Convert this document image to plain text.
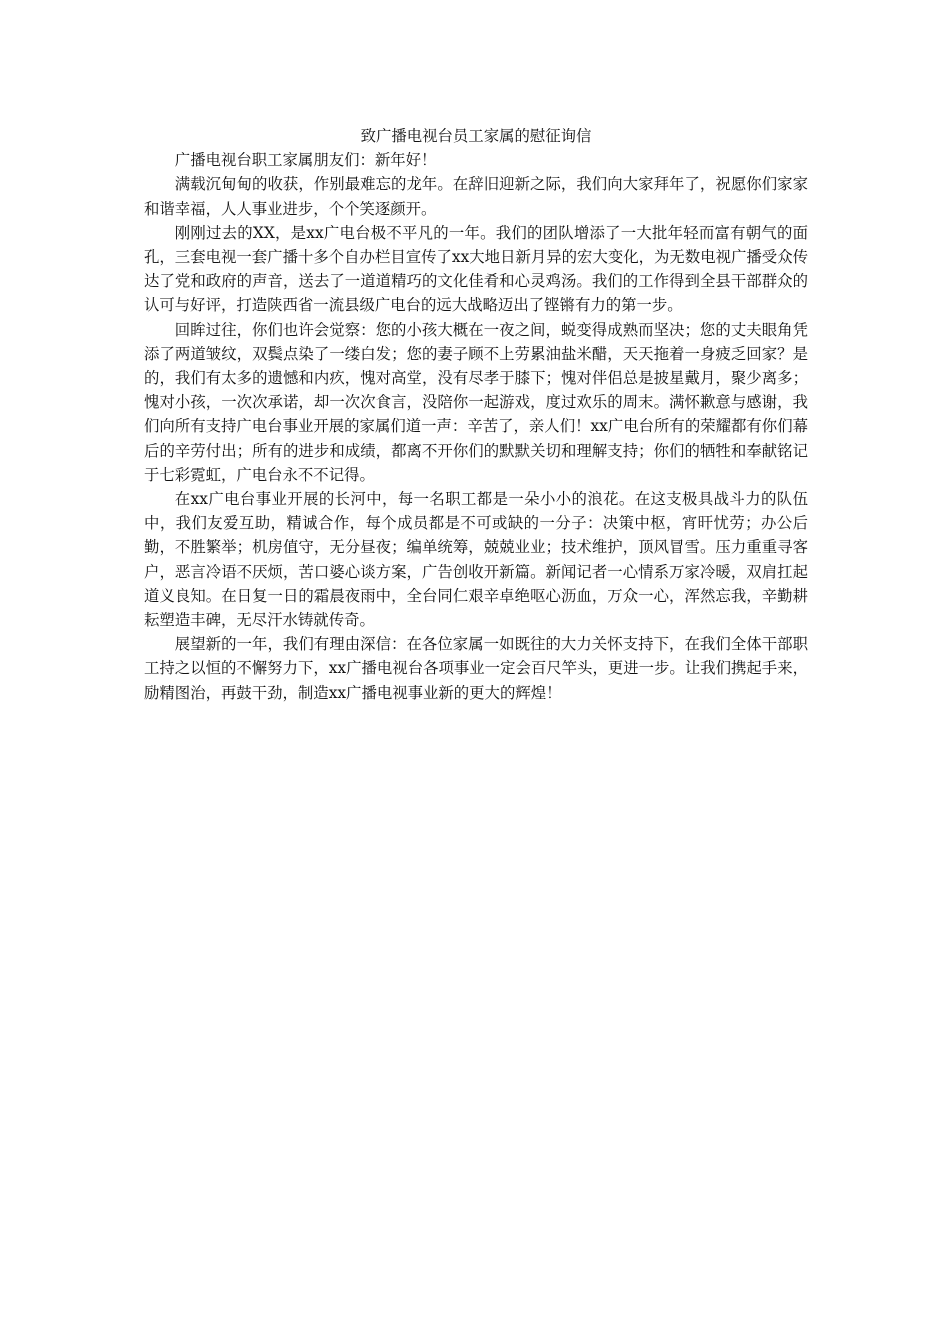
致广播电视台员工家属的慰征询信

广播电视台职工家属朋友们：新年好！

满载沉甸甸的收获，作别最难忘的龙年。在辞旧迎新之际，我们向大家拜年了，祝愿你们家家和谐幸福，人人事业进步，个个笑逐颜开。

刚刚过去的XX，是xx广电台极不平凡的一年。我们的团队增添了一大批年轻而富有朝气的面孔，三套电视一套广播十多个自办栏目宣传了xx大地日新月异的宏大变化，为无数电视广播受众传达了党和政府的声音，送去了一道道精巧的文化佳肴和心灵鸡汤。我们的工作得到全县干部群众的认可与好评，打造陕西省一流县级广电台的远大战略迈出了铿锵有力的第一步。

回眸过往，你们也许会觉察：您的小孩大概在一夜之间，蜕变得成熟而坚决；您的丈夫眼角凭添了两道皱纹，双鬓点染了一缕白发；您的妻子顾不上劳累油盐米醋，天天拖着一身疲乏回家？是的，我们有太多的遗憾和内疚，愧对高堂，没有尽孝于膝下；愧对伴侣总是披星戴月，聚少离多；愧对小孩，一次次承诺，却一次次食言，没陪你一起游戏，度过欢乐的周末。满怀歉意与感谢，我们向所有支持广电台事业开展的家属们道一声：辛苦了，亲人们！xx广电台所有的荣耀都有你们幕后的辛劳付出；所有的进步和成绩，都离不开你们的默默关切和理解支持；你们的牺牲和奉献铭记于七彩霓虹，广电台永不不记得。

在xx广电台事业开展的长河中，每一名职工都是一朵小小的浪花。在这支极具战斗力的队伍中，我们友爱互助，精诚合作，每个成员都是不可或缺的一分子：决策中枢，宵旰忧劳；办公后勤，不胜繁举；机房值守，无分昼夜；编单统筹，兢兢业业；技术维护，顶风冒雪。压力重重寻客户，恶言冷语不厌烦，苦口婆心谈方案，广告创收开新篇。新闻记者一心情系万家冷暖，双肩扛起道义良知。在日复一日的霜晨夜雨中，全台同仁艰辛卓绝呕心沥血，万众一心，浑然忘我，辛勤耕耘塑造丰碑，无尽汗水铸就传奇。

展望新的一年，我们有理由深信：在各位家属一如既往的大力关怀支持下，在我们全体干部职工持之以恒的不懈努力下，xx广播电视台各项事业一定会百尺竿头，更进一步。让我们携起手来，励精图治，再鼓干劲，制造xx广播电视事业新的更大的辉煌！
